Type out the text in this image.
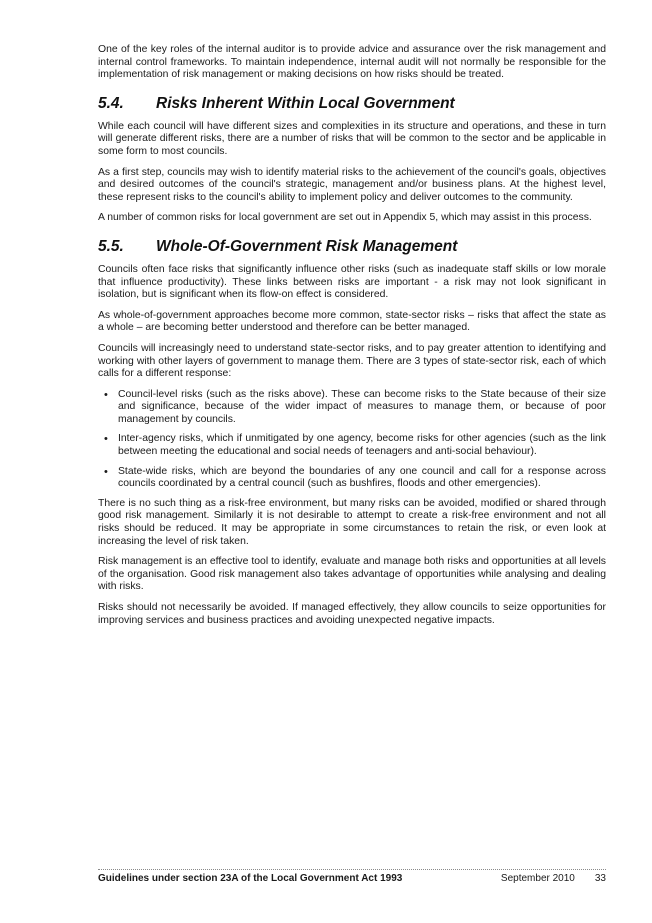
One of the key roles of the internal auditor is to provide advice and assurance over the risk management and internal control frameworks. To maintain independence, internal audit will not normally be responsible for the implementation of risk management or making decisions on how risks should be treated.

5.4. Risks Inherent Within Local Government

While each council will have different sizes and complexities in its structure and operations, and these in turn will generate different risks, there are a number of risks that will be common to the sector and be applicable in some form to most councils.

As a first step, councils may wish to identify material risks to the achievement of the council's goals, objectives and desired outcomes of the council's strategic, management and/or business plans. At the highest level, these represent risks to the council's ability to implement policy and deliver outcomes to the community.

A number of common risks for local government are set out in Appendix 5, which may assist in this process.

5.5. Whole-Of-Government Risk Management

Councils often face risks that significantly influence other risks (such as inadequate staff skills or low morale that influence productivity). These links between risks are important - a risk may not look significant in isolation, but is significant when its flow-on effect is considered.

As whole-of-government approaches become more common, state-sector risks – risks that affect the state as a whole – are becoming better understood and therefore can be better managed.

Councils will increasingly need to understand state-sector risks, and to pay greater attention to identifying and working with other layers of government to manage them. There are 3 types of state-sector risk, each of which calls for a different response:

• Council-level risks (such as the risks above). These can become risks to the State because of their size and significance, because of the wider impact of measures to manage them, or because of poor management by councils.
• Inter-agency risks, which if unmitigated by one agency, become risks for other agencies (such as the link between meeting the educational and social needs of teenagers and anti-social behaviour).
• State-wide risks, which are beyond the boundaries of any one council and call for a response across councils coordinated by a central council (such as bushfires, floods and other emergencies).

There is no such thing as a risk-free environment, but many risks can be avoided, modified or shared through good risk management. Similarly it is not desirable to attempt to create a risk-free environment and not all risks should be reduced. It may be appropriate in some circumstances to retain the risk, or even look at increasing the level of risk taken.

Risk management is an effective tool to identify, evaluate and manage both risks and opportunities at all levels of the organisation. Good risk management also takes advantage of opportunities while analysing and dealing with risks.

Risks should not necessarily be avoided. If managed effectively, they allow councils to seize opportunities for improving services and business practices and avoiding unexpected negative impacts.

Guidelines under section 23A of the Local Government Act 1993	September 2010 33
